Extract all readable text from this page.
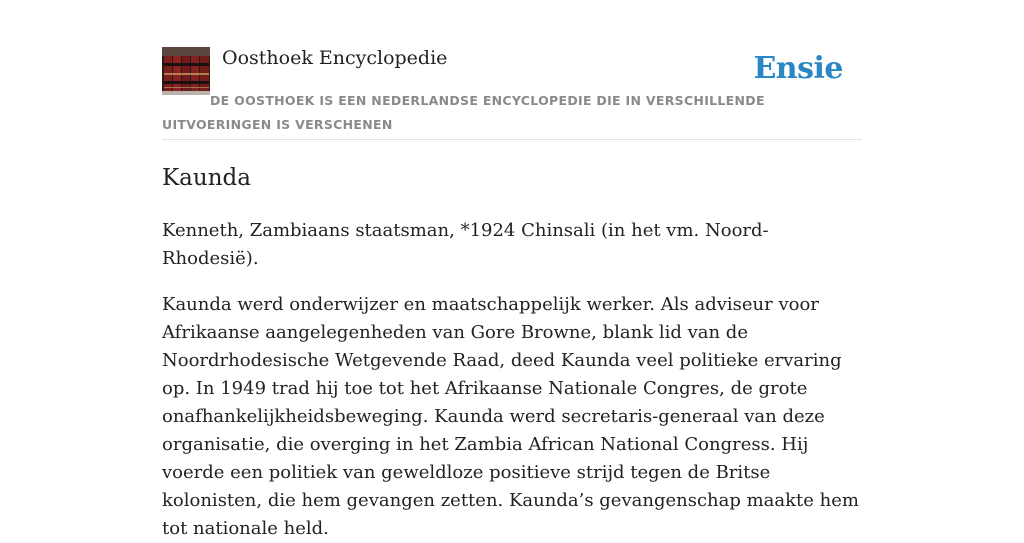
Oosthoek Encyclopedie	Ensie
DE OOSTHOEK IS EEN NEDERLANDSE ENCYCLOPEDIE DIE IN VERSCHILLENDE UITVOERINGEN IS VERSCHENEN
Kaunda

Kenneth, Zambiaans staatsman, *1924 Chinsali (in het vm. Noord-Rhodesië).

Kaunda werd onderwijzer en maatschappelijk werker. Als adviseur voor Afrikaanse aangelegenheden van Gore Browne, blank lid van de Noordrhodesische Wetgevende Raad, deed Kaunda veel politieke ervaring op. In 1949 trad hij toe tot het Afrikaanse Nationale Congres, de grote onafhankelijkheidsbeweging. Kaunda werd secretaris-generaal van deze organisatie, die overging in het Zambia African National Congress. Hij voerde een politiek van geweldloze positieve strijd tegen de Britse kolonisten, die hem gevangen zetten. Kaunda’s gevangenschap maakte hem tot nationale held.
